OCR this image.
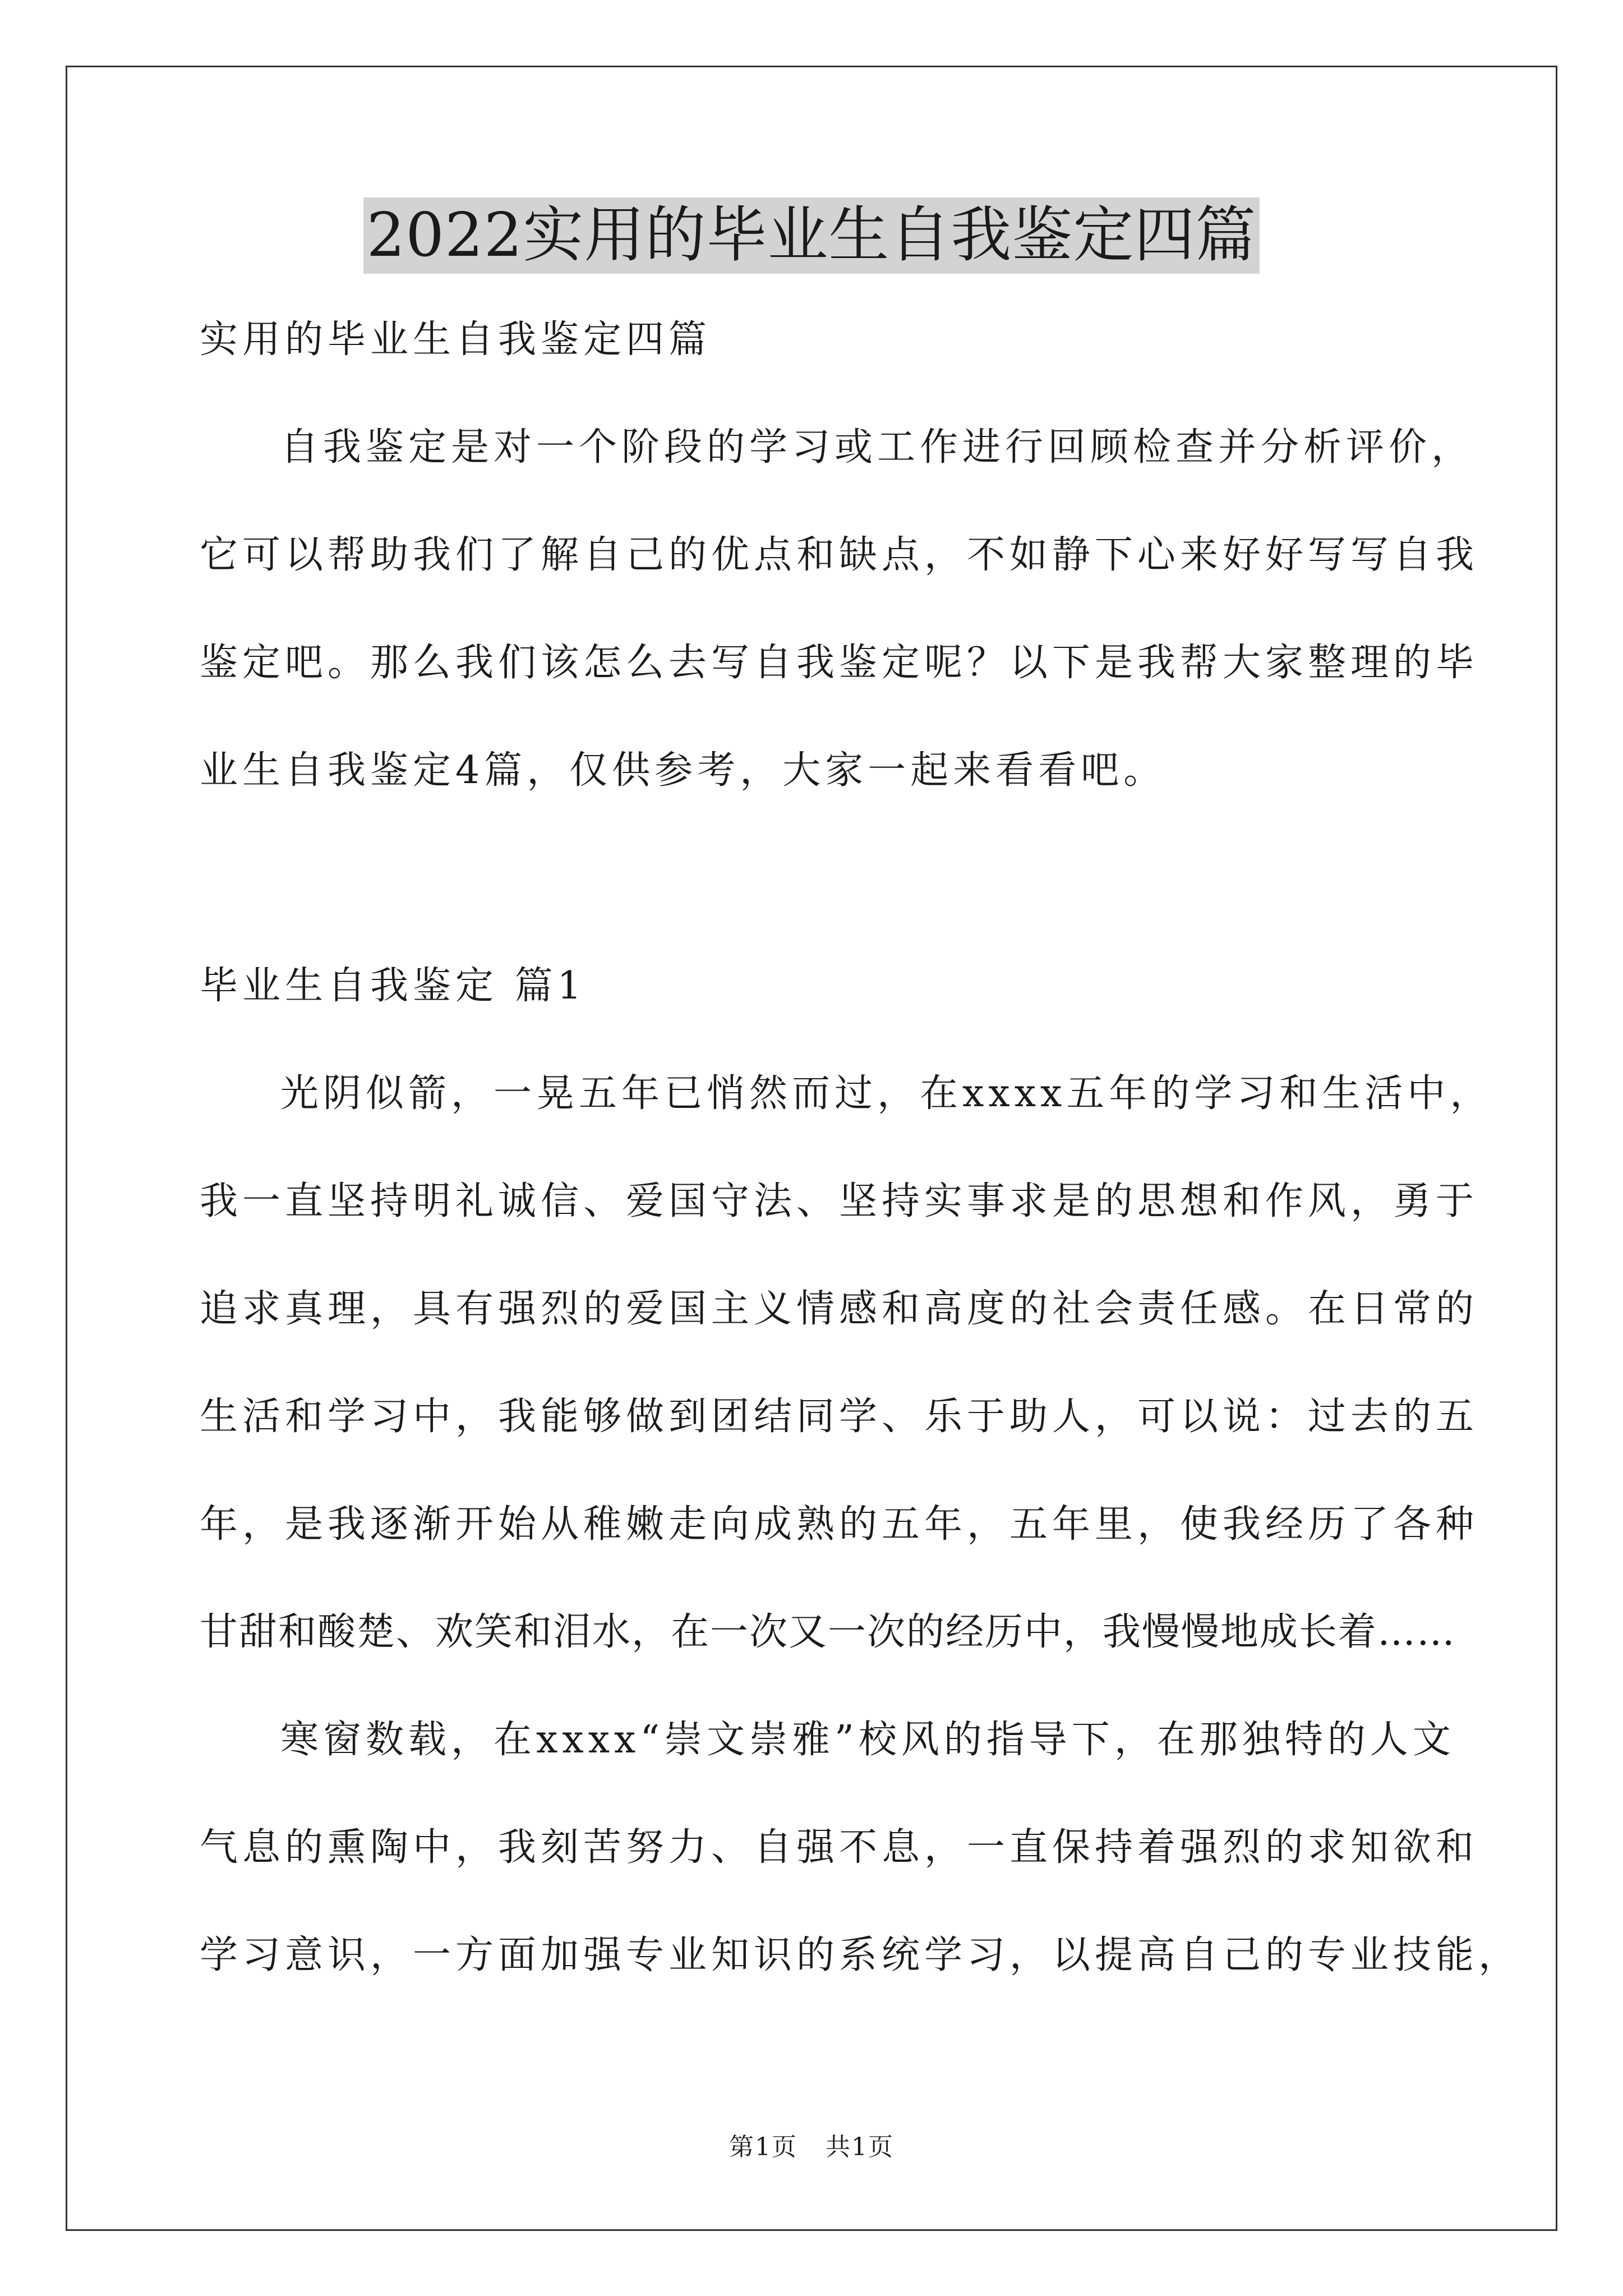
2022实用的毕业生自我鉴定四篇
实用的毕业生自我鉴定四篇
自我鉴定是对一个阶段的学习或工作进行回顾检查并分析评价，
它可以帮助我们了解自己的优点和缺点，不如静下心来好好写写自我
鉴定吧。那么我们该怎么去写自我鉴定呢？以下是我帮大家整理的毕
业生自我鉴定4篇，仅供参考，大家一起来看看吧。
毕业生自我鉴定 篇1
光阴似箭，一晃五年已悄然而过，在xxxx五年的学习和生活中，
我一直坚持明礼诚信、爱国守法、坚持实事求是的思想和作风，勇于
追求真理，具有强烈的爱国主义情感和高度的社会责任感。在日常的
生活和学习中，我能够做到团结同学、乐于助人，可以说：过去的五
年，是我逐渐开始从稚嫩走向成熟的五年，五年里，使我经历了各种
甘甜和酸楚、欢笑和泪水，在一次又一次的经历中，我慢慢地成长着……
寒窗数载，在xxxx“崇文崇雅”校风的指导下，在那独特的人文
气息的熏陶中，我刻苦努力、自强不息，一直保持着强烈的求知欲和
学习意识，一方面加强专业知识的系统学习，以提高自己的专业技能，
第1页 共1页
